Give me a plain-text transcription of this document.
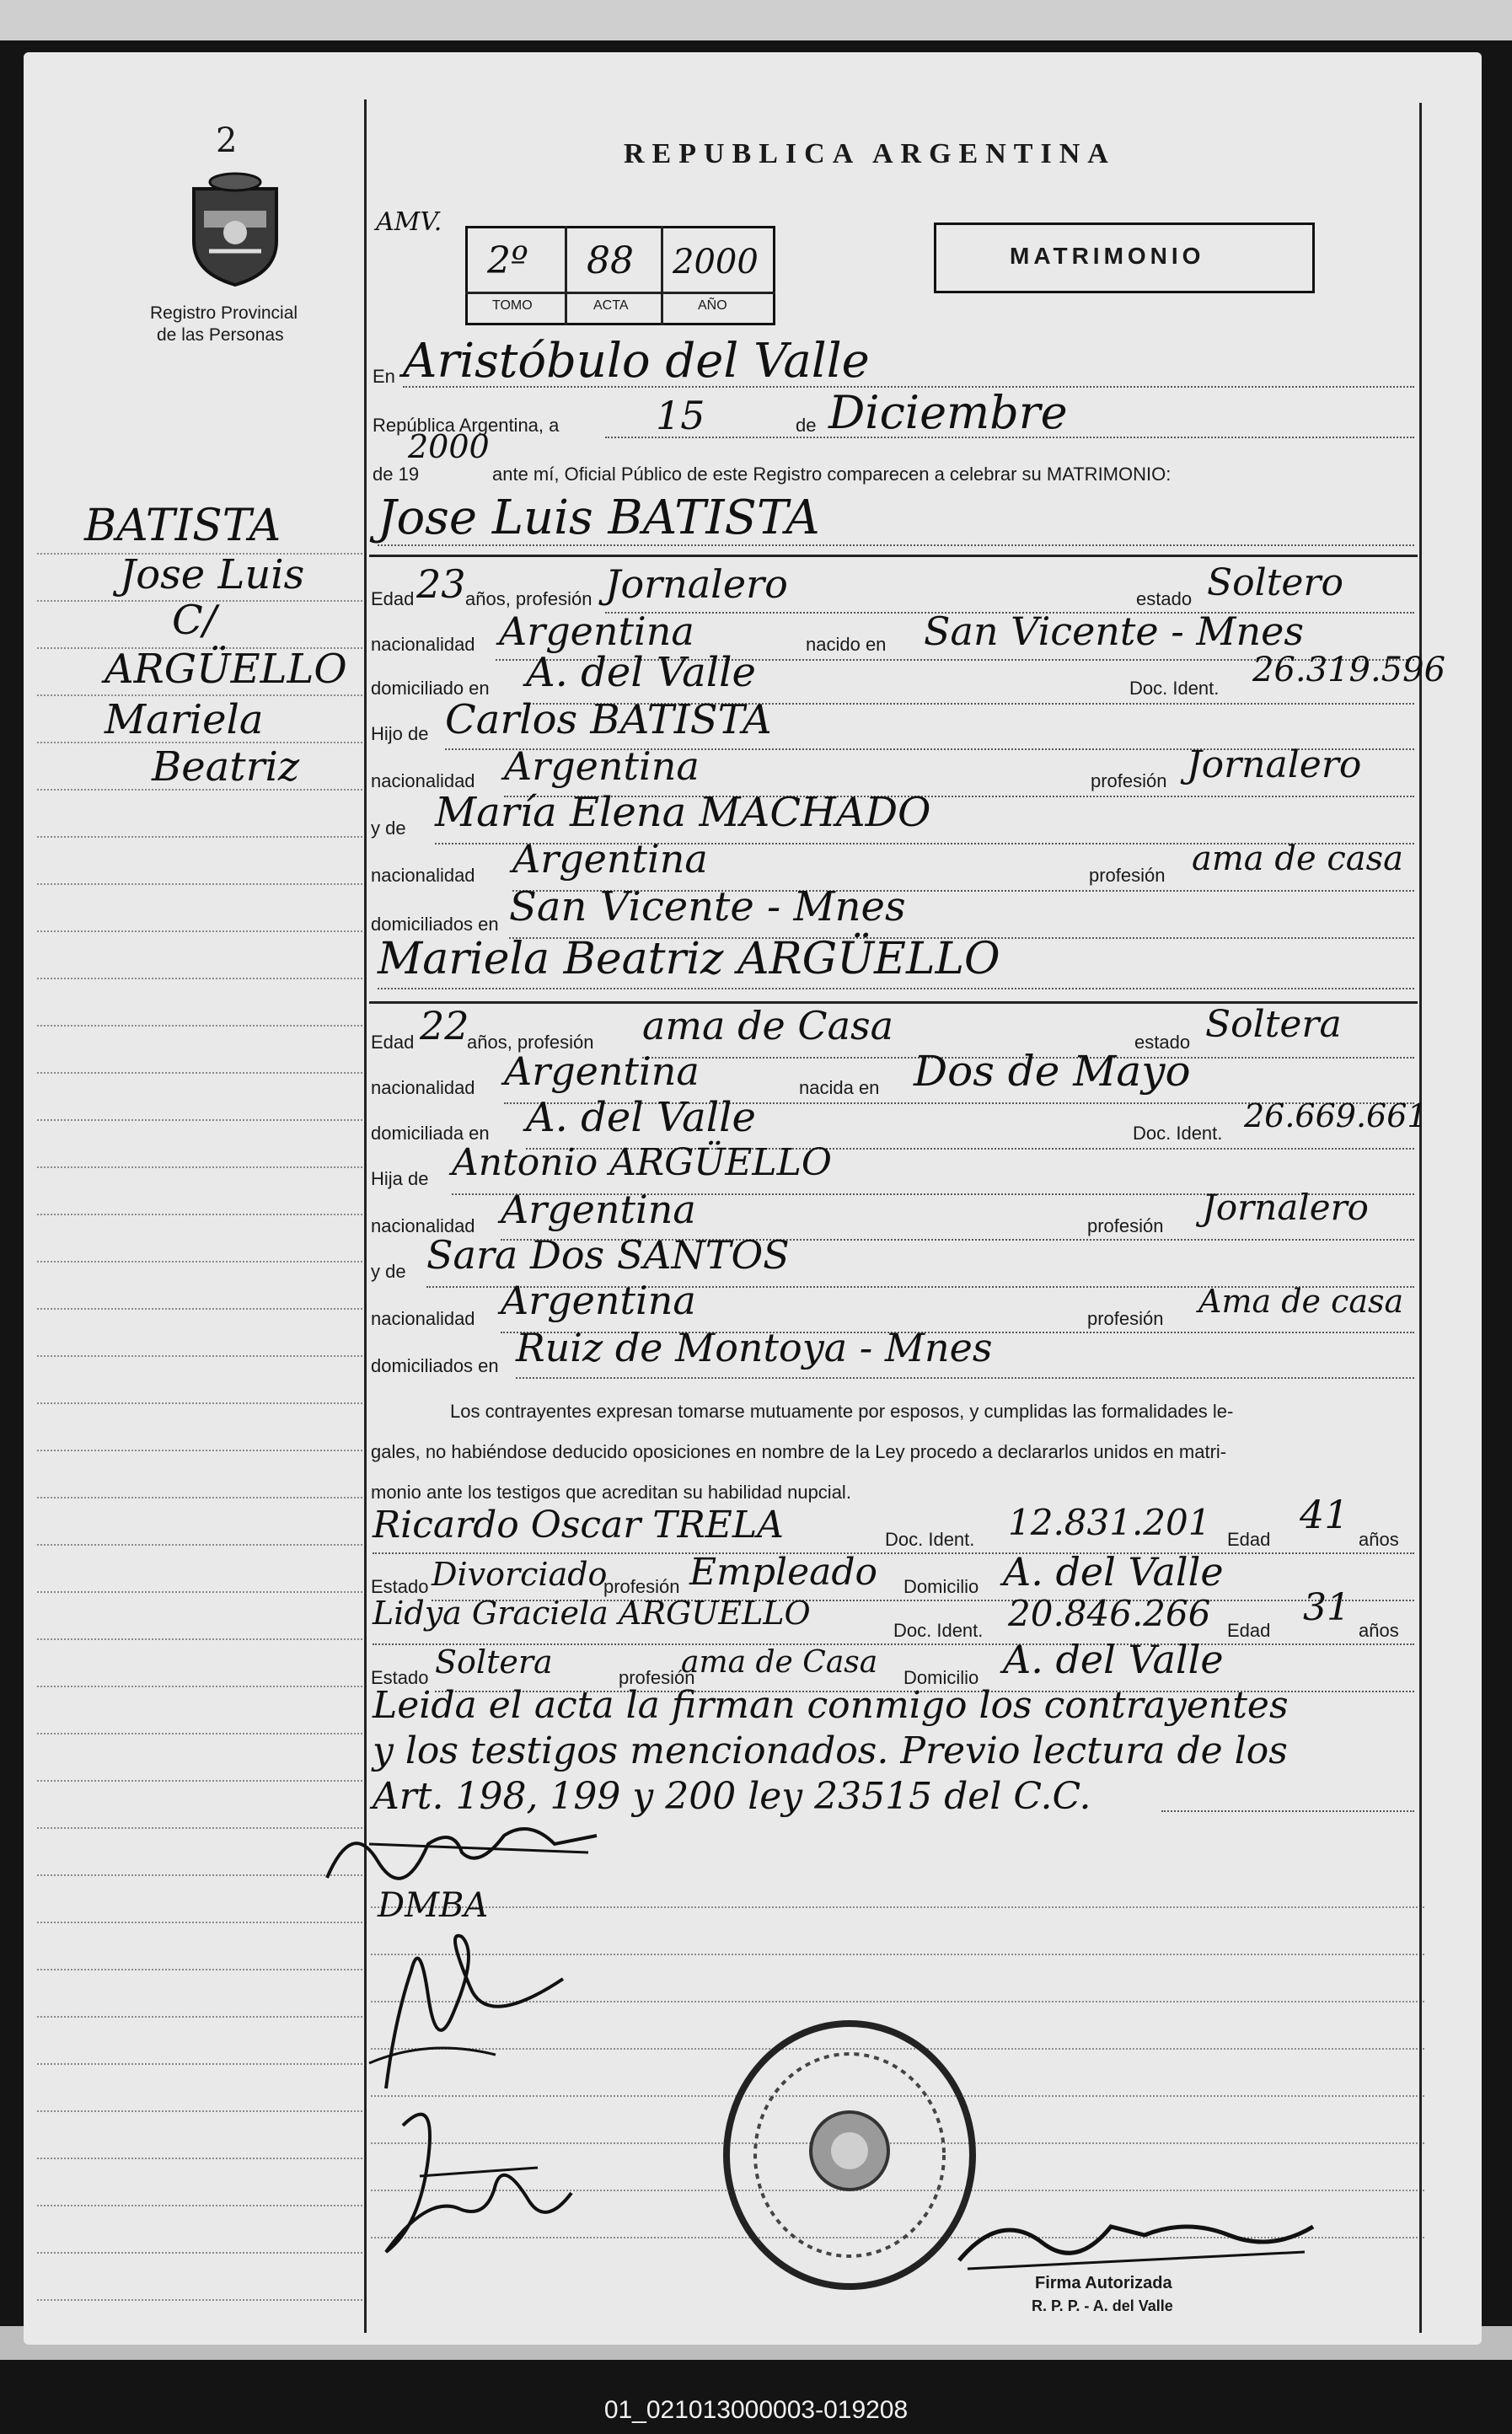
2
Registro Provincial
de las Personas
REPUBLICA ARGENTINA
AMV.
2º 88 2000
TOMO	ACTA	AÑO
MATRIMONIO
BATISTA
Jose Luis
C/
ARGÜELLO
Mariela
Beatriz
En Aristóbulo del Valle
República Argentina, a 15	de Diciembre
de 19
2000
ante mí, Oficial Público de este Registro comparecen a celebrar su MATRIMONIO:
Jose Luis BATISTA
Edad 23 años, profesión Jornalero	estado Soltero
nacionalidad Argentina	nacido en San Vicente - Mnes
domiciliado en A. del Valle	Doc. Ident. 26.319.596
Hijo de Carlos BATISTA
nacionalidad Argentina	profesión Jornalero
y de María Elena MACHADO
nacionalidad Argentina	profesión ama de casa
domiciliados en San Vicente - Mnes
Mariela Beatriz ARGÜELLO
Edad 22
años, profesión ama de Casa	estado Soltera
nacionalidad Argentina	nacida en Dos de Mayo
domiciliada en A. del Valle	Doc. Ident. 26.669.661
Hija de Antonio ARGÜELLO
nacionalidad Argentina	profesión Jornalero
y de Sara Dos SANTOS
nacionalidad Argentina	profesión Ama de casa
domiciliados en Ruiz de Montoya - Mnes
Los contrayentes expresan tomarse mutuamente por esposos, y cumplidas las formalidades le-
gales, no habiéndose deducido oposiciones en nombre de la Ley procedo a declararlos unidos en matri-
monio ante los testigos que acreditan su habilidad nupcial.
Ricardo Oscar TRELA	Doc. Ident. 12.831.201 Edad
41
años
Estado Divorciado
profesión Empleado Domicilio A. del Valle
Lidya Graciela ARGUELLO	Doc. Ident. 20.846.266 Edad
31
años
Estado Soltera	profesión
ama de Casa Domicilio A. del Valle
Leida el acta la firman conmigo los contrayentes
y los testigos mencionados. Previo lectura de los
Art. 198, 199 y 200 ley 23515 del C.C.
DMBA
Firma Autorizada
R. P. P. - A. del Valle
01_021013000003-019208
